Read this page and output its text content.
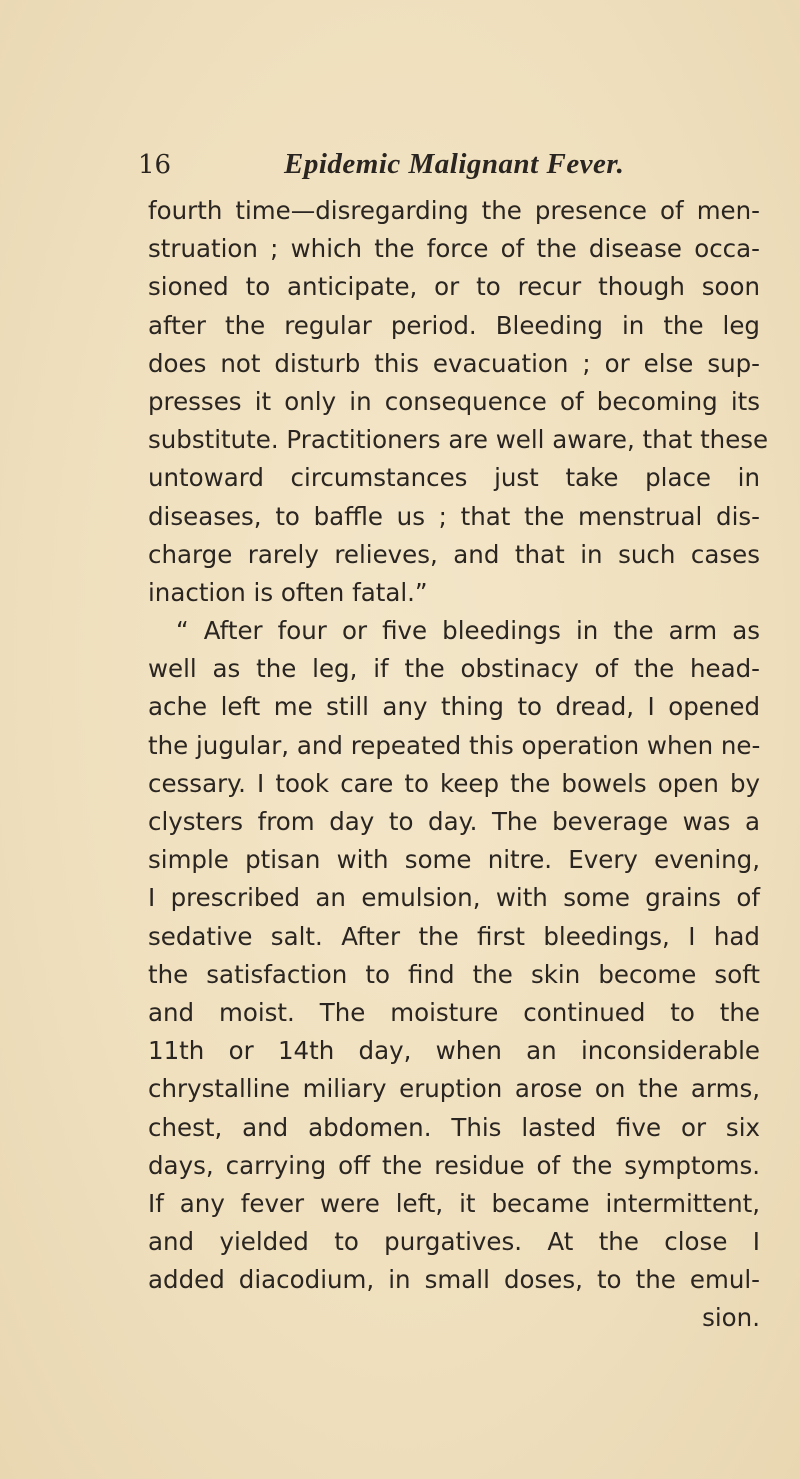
16	Epidemic Malignant Fever.
fourth time—disregarding the presence of men-
struation ; which the force of the disease occa-
sioned to anticipate, or to recur though soon
after the regular period. Bleeding in the leg
does not disturb this evacuation ; or else sup-
presses it only in consequence of becoming its
substitute. Practitioners are well aware, that these
untoward circumstances just take place in
diseases, to baffle us ; that the menstrual dis-
charge rarely relieves, and that in such cases
inaction is often fatal.”
“ After four or five bleedings in the arm as
well as the leg, if the obstinacy of the head-
ache left me still any thing to dread, I opened
the jugular, and repeated this operation when ne-
cessary. I took care to keep the bowels open by
clysters from day to day. The beverage was a
simple ptisan with some nitre. Every evening,
I prescribed an emulsion, with some grains of
sedative salt. After the first bleedings, I had
the satisfaction to find the skin become soft
and moist. The moisture continued to the
11th or 14th day, when an inconsiderable
chrystalline miliary eruption arose on the arms,
chest, and abdomen. This lasted five or six
days, carrying off the residue of the symptoms.
If any fever were left, it became intermittent,
and yielded to purgatives. At the close I
added diacodium, in small doses, to the emul-
sion.
